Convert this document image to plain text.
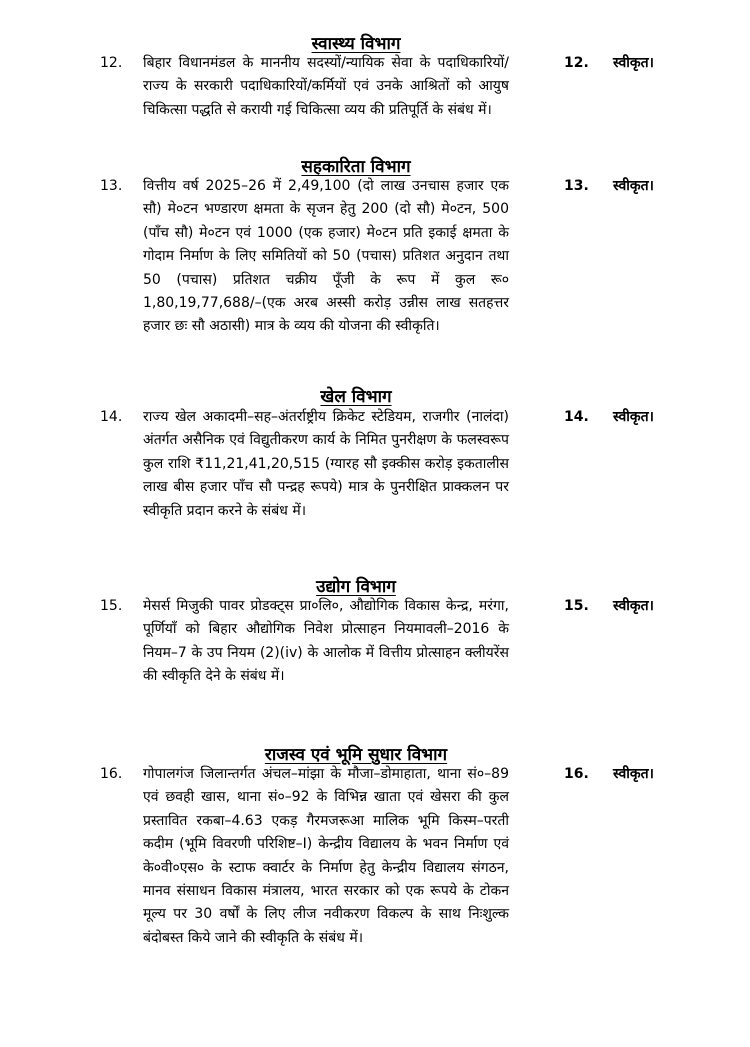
स्वास्थ्य विभाग
12.	बिहार विधानमंडल के माननीय सदस्यों/न्यायिक सेवा के पदाधिकारियों/राज्य के सरकारी पदाधिकारियों/कर्मियों एवं उनके आश्रितों को आयुष चिकित्सा पद्धति से करायी गई चिकित्सा व्यय की प्रतिपूर्ति के संबंध में।
12.	स्वीकृत।
सहकारिता विभाग
13.	वित्तीय वर्ष 2025–26 में 2,49,100 (दो लाख उनचास हजार एक सौ) मे०टन भण्डारण क्षमता के सृजन हेतु 200 (दो सौ) मे०टन, 500 (पाँच सौ) मे०टन एवं 1000 (एक हजार) मे०टन प्रति इकाई क्षमता के गोदाम निर्माण के लिए समितियों को 50 (पचास) प्रतिशत अनुदान तथा 50 (पचास) प्रतिशत चक्रीय पूँजी के रूप में कुल रू० 1,80,19,77,688/–(एक अरब अस्सी करोड़ उन्नीस लाख सतहत्तर हजार छः सौ अठासी) मात्र के व्यय की योजना की स्वीकृति।
13.	स्वीकृत।
खेल विभाग
14.	राज्य खेल अकादमी–सह–अंतर्राष्ट्रीय क्रिकेट स्टेडियम, राजगीर (नालंदा) अंतर्गत असैनिक एवं विद्युतीकरण कार्य के निमित पुनरीक्षण के फलस्वरूप कुल राशि ₹11,21,41,20,515 (ग्यारह सौ इक्कीस करोड़ इकतालीस लाख बीस हजार पाँच सौ पन्द्रह रूपये) मात्र के पुनरीक्षित प्राक्कलन पर स्वीकृति प्रदान करने के संबंध में।
14.	स्वीकृत।
उद्योग विभाग
15.	मेसर्स मिजुकी पावर प्रोडक्ट्स प्रा०लि०, औद्योगिक विकास केन्द्र, मरंगा, पूर्णियाँ को बिहार औद्योगिक निवेश प्रोत्साहन नियमावली–2016 के नियम–7 के उप नियम (2)(iv) के आलोक में वित्तीय प्रोत्साहन क्लीयरेंस की स्वीकृति देने के संबंध में।
15.	स्वीकृत।
राजस्व एवं भूमि सुधार विभाग
16.	गोपालगंज जिलान्तर्गत अंचल–मांझा के मौजा–डोमाहाता, थाना सं०–89 एवं छवही खास, थाना सं०–92 के विभिन्न खाता एवं खेसरा की कुल प्रस्तावित रकबा–4.63 एकड़ गैरमजरूआ मालिक भूमि किस्म–परती कदीम (भूमि विवरणी परिशिष्ट–I) केन्द्रीय विद्यालय के भवन निर्माण एवं के०वी०एस० के स्टाफ क्वार्टर के निर्माण हेतु केन्द्रीय विद्यालय संगठन, मानव संसाधन विकास मंत्रालय, भारत सरकार को एक रूपये के टोकन मूल्य पर 30 वर्षों के लिए लीज नवीकरण विकल्प के साथ निःशुल्क बंदोबस्त किये जाने की स्वीकृति के संबंध में।
16.	स्वीकृत।
